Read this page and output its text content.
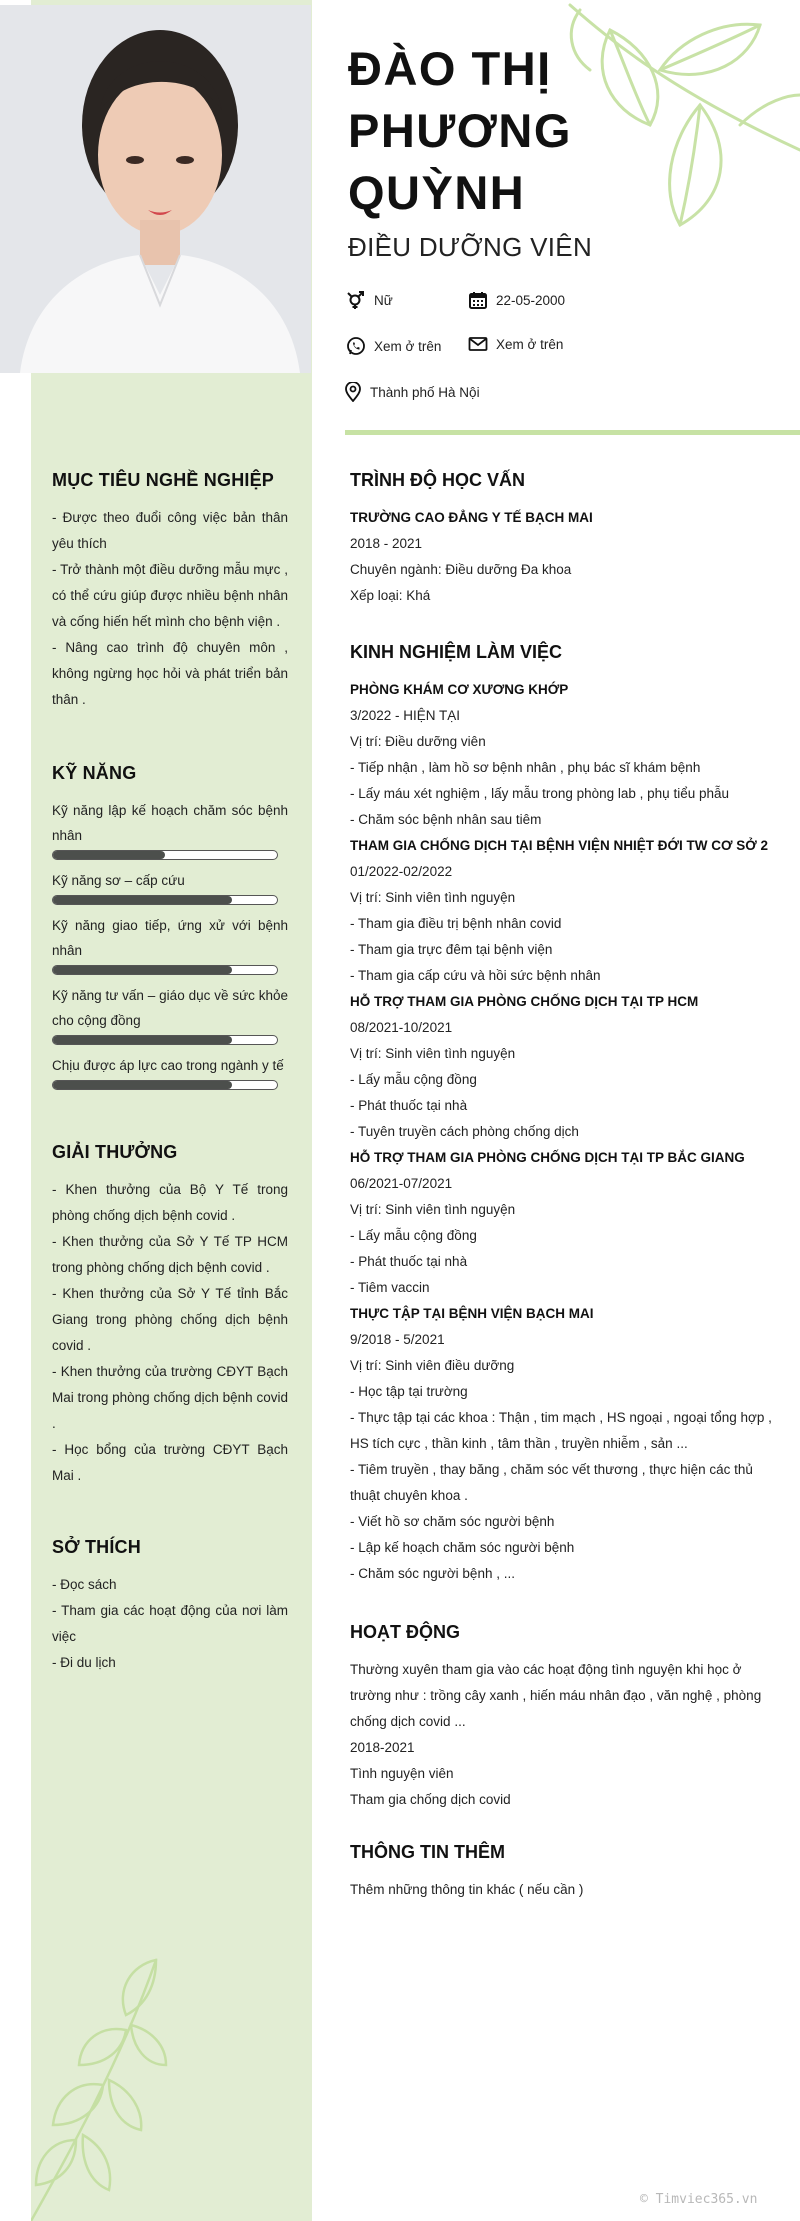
ĐÀO THỊ PHƯƠNG QUỲNH
ĐIỀU DƯỠNG VIÊN
Nữ	22-05-2000
Xem ở trên	Xem ở trên
Thành phố Hà Nội
MỤC TIÊU NGHỀ NGHIỆP

- Được theo đuổi công việc bản thân yêu thích

- Trở thành một điều dưỡng mẫu mực , có thể cứu giúp được nhiều bệnh nhân và cống hiến hết mình cho bệnh viện .

- Nâng cao trình độ chuyên môn , không ngừng học hỏi và phát triển bản thân .

KỸ NĂNG
Kỹ năng lập kế hoạch chăm sóc bệnh nhân
Kỹ năng sơ – cấp cứu
Kỹ năng giao tiếp, ứng xử với bệnh nhân
Kỹ năng tư vấn – giáo dục về sức khỏe cho cộng đồng
Chịu được áp lực cao trong ngành y tế
GIẢI THƯỞNG

- Khen thưởng của Bộ Y Tế trong phòng chống dịch bệnh covid .

- Khen thưởng của Sở Y Tế TP HCM trong phòng chống dịch bệnh covid .

- Khen thưởng của Sở Y Tế tỉnh Bắc Giang trong phòng chống dịch bệnh covid .

- Khen thưởng của trường CĐYT Bạch Mai trong phòng chống dịch bệnh covid .

- Học bổng của trường CĐYT Bạch Mai .

SỞ THÍCH

- Đọc sách

- Tham gia các hoạt động của nơi làm việc

- Đi du lịch

TRÌNH ĐỘ HỌC VẤN
TRƯỜNG CAO ĐẲNG Y TẾ BẠCH MAI
2018 - 2021
Chuyên ngành: Điều dưỡng Đa khoa
Xếp loại: Khá
KINH NGHIỆM LÀM VIỆC
PHÒNG KHÁM CƠ XƯƠNG KHỚP
3/2022 - HIỆN TẠI
Vị trí: Điều dưỡng viên
- Tiếp nhận , làm hồ sơ bệnh nhân , phụ bác sĩ khám bệnh
- Lấy máu xét nghiệm , lấy mẫu trong phòng lab , phụ tiểu phẫu
- Chăm sóc bệnh nhân sau tiêm
THAM GIA CHỐNG DỊCH TẠI BỆNH VIỆN NHIỆT ĐỚI TW CƠ SỞ 2
01/2022-02/2022
Vị trí: Sinh viên tình nguyện
- Tham gia điều trị bệnh nhân covid
- Tham gia trực đêm tại bệnh viện
- Tham gia cấp cứu và hồi sức bệnh nhân
HỖ TRỢ THAM GIA PHÒNG CHỐNG DỊCH TẠI TP HCM
08/2021-10/2021
Vị trí: Sinh viên tình nguyện
- Lấy mẫu cộng đồng
- Phát thuốc tại nhà
- Tuyên truyền cách phòng chống dịch
HỖ TRỢ THAM GIA PHÒNG CHỐNG DỊCH TẠI TP BẮC GIANG
06/2021-07/2021
Vị trí: Sinh viên tình nguyện
- Lấy mẫu cộng đồng
- Phát thuốc tại nhà
- Tiêm vaccin
THỰC TẬP TẠI BỆNH VIỆN BẠCH MAI
9/2018 - 5/2021
Vị trí: Sinh viên điều dưỡng
- Học tập tại trường
- Thực tập tại các khoa : Thận , tim mạch , HS ngoại , ngoại tổng hợp , HS tích cực , thần kinh , tâm thần , truyền nhiễm , sản ...
- Tiêm truyền , thay băng , chăm sóc vết thương , thực hiện các thủ thuật chuyên khoa .
- Viết hồ sơ chăm sóc người bệnh
- Lập kế hoạch chăm sóc người bệnh
- Chăm sóc người bệnh , ...
HOẠT ĐỘNG
Thường xuyên tham gia vào các hoạt động tình nguyện khi học ở trường như : trồng cây xanh , hiến máu nhân đạo , văn nghệ , phòng chống dịch covid ...
2018-2021
Tình nguyện viên
Tham gia chống dịch covid
THÔNG TIN THÊM
Thêm những thông tin khác ( nếu cần )
© Timviec365.vn
